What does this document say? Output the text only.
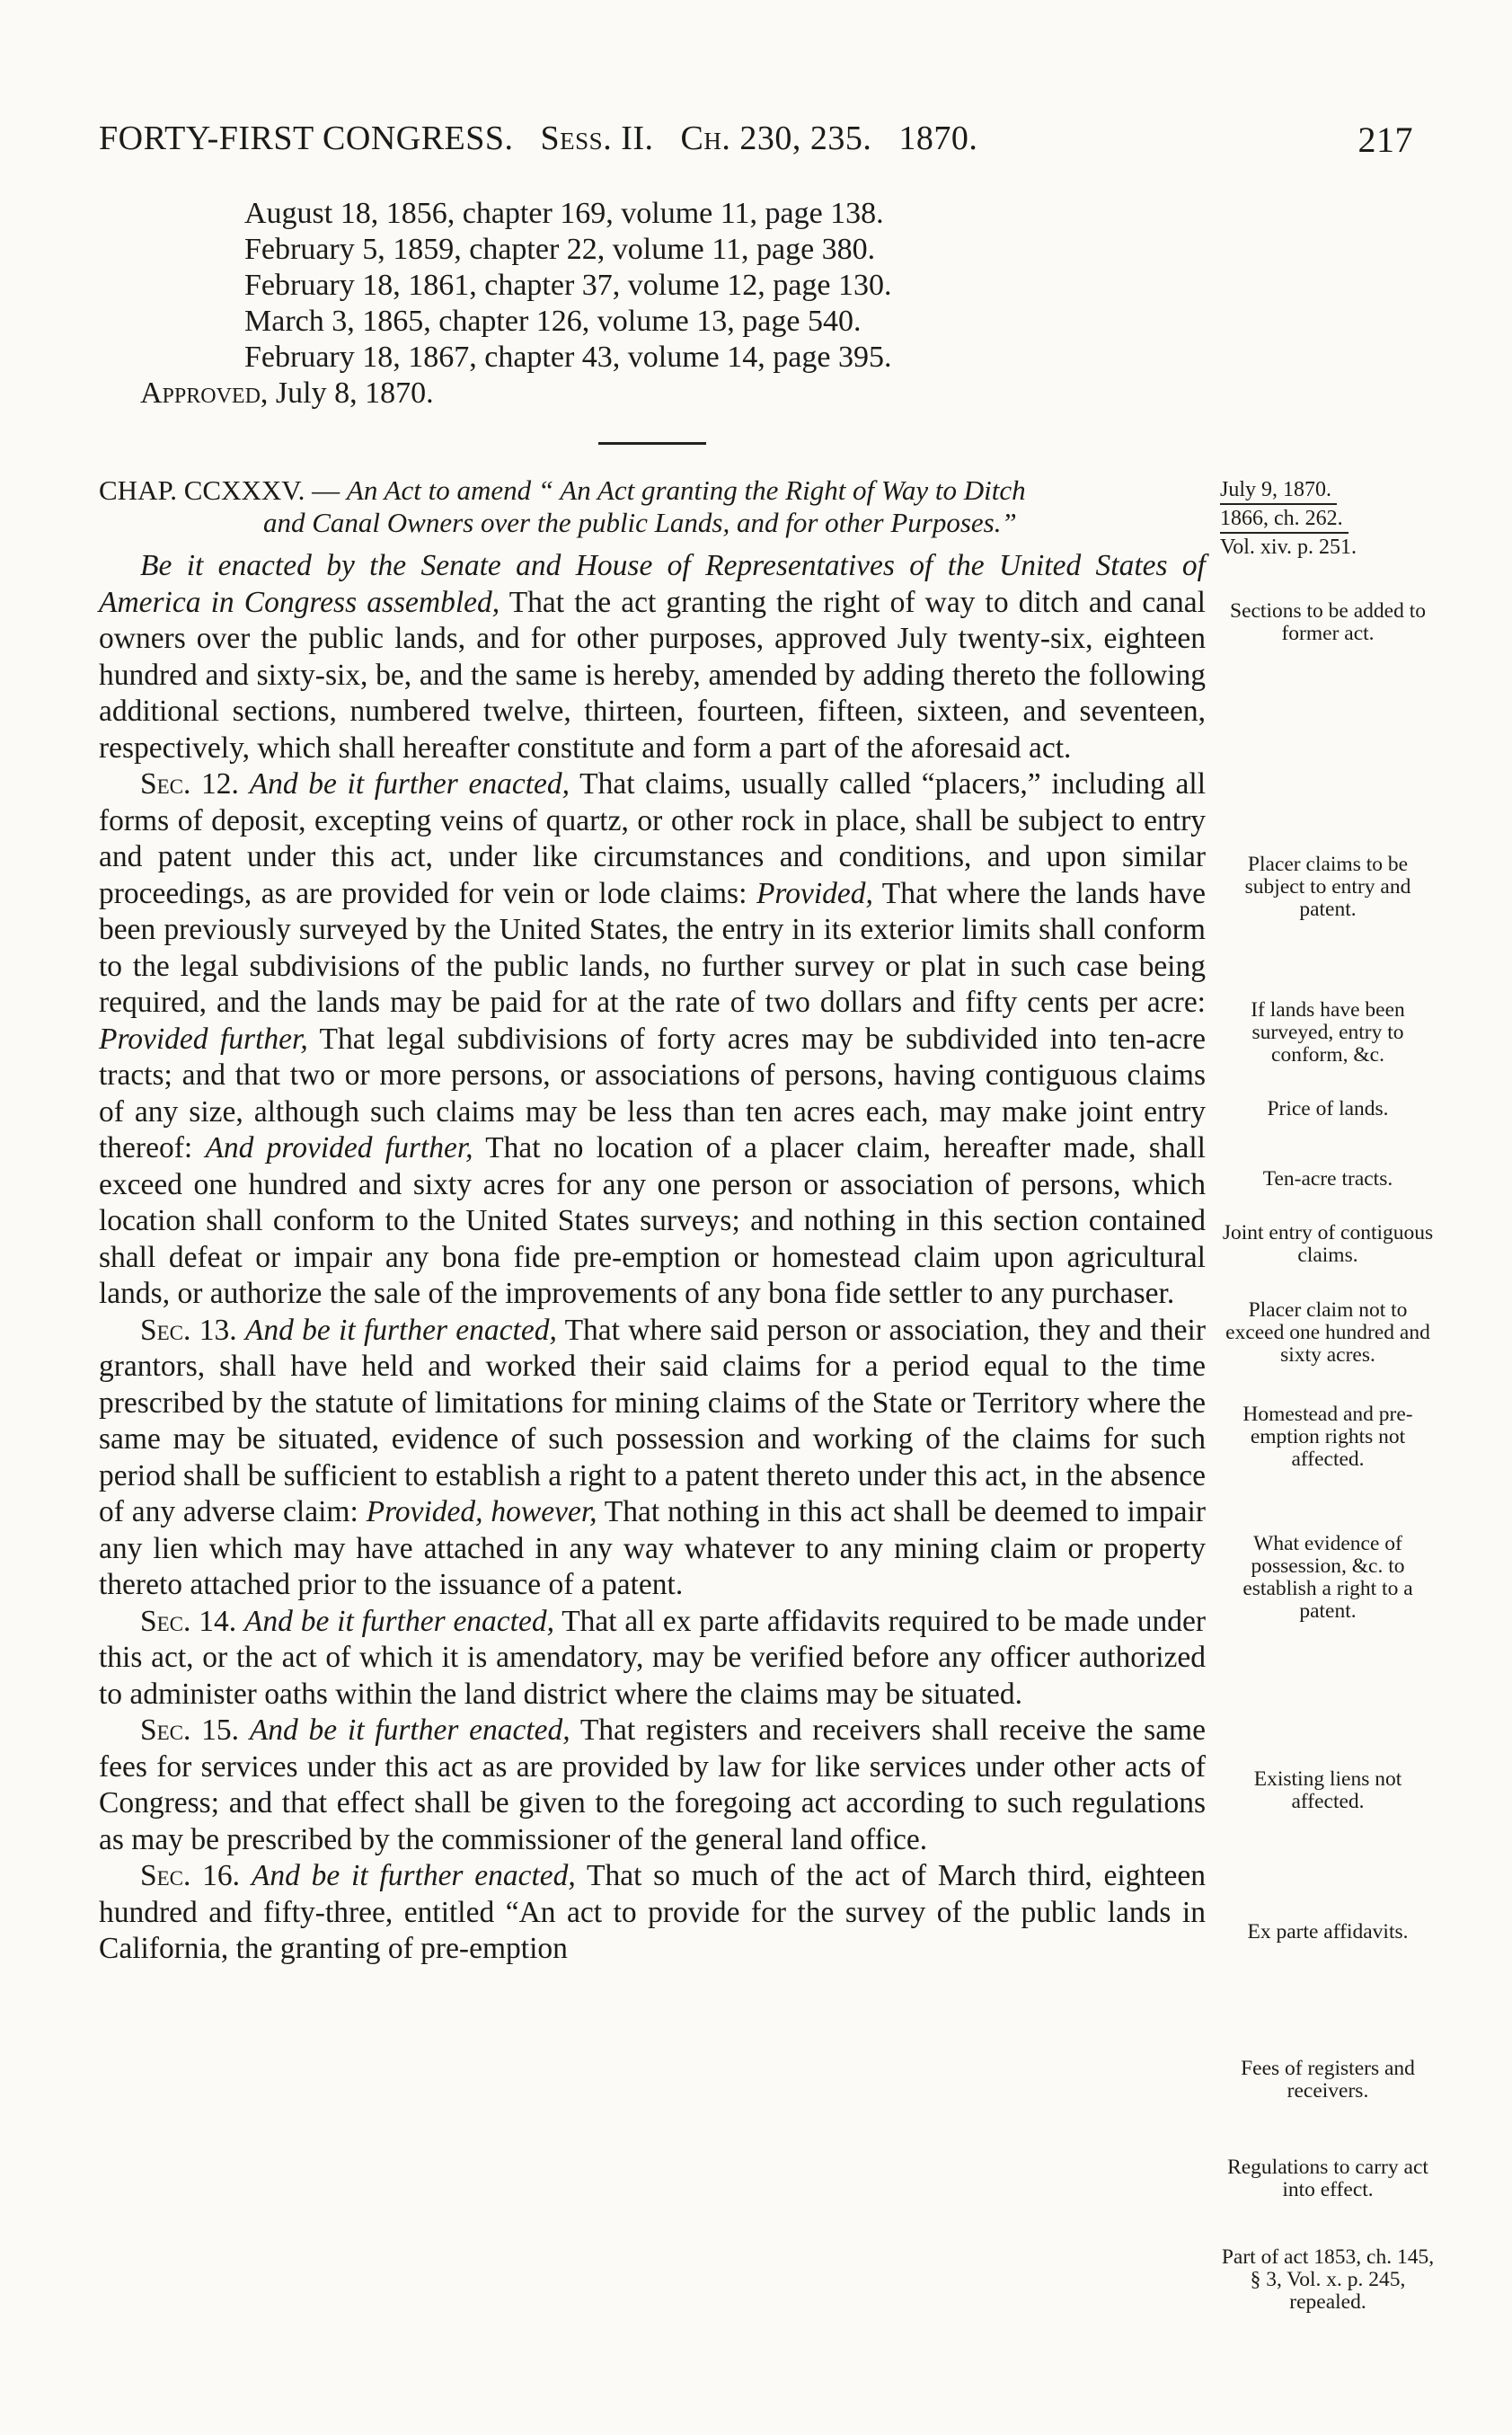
FORTY-FIRST CONGRESS. Sess. II. Ch. 230, 235. 1870.	217
August 18, 1856, chapter 169, volume 11, page 138.
February 5, 1859, chapter 22, volume 11, page 380.
February 18, 1861, chapter 37, volume 12, page 130.
March 3, 1865, chapter 126, volume 13, page 540.
February 18, 1867, chapter 43, volume 14, page 395.
Approved, July 8, 1870.
CHAP. CCXXXV. — An Act to amend “ An Act granting the Right of Way to Ditch
and Canal Owners over the public Lands, and for other Purposes.”
July 9, 1870.
1866, ch. 262.
Vol. xiv. p. 251.

Be it enacted by the Senate and House of Representatives of the United States of America in Congress assembled, That the act granting the right of way to ditch and canal owners over the public lands, and for other purposes, approved July twenty-six, eighteen hundred and sixty-six, be, and the same is hereby, amended by adding thereto the following additional sections, numbered twelve, thirteen, fourteen, fifteen, sixteen, and seventeen, respectively, which shall hereafter constitute and form a part of the aforesaid act.

Sec. 12. And be it further enacted, That claims, usually called “placers,” including all forms of deposit, excepting veins of quartz, or other rock in place, shall be subject to entry and patent under this act, under like circumstances and conditions, and upon similar proceedings, as are provided for vein or lode claims: Provided, That where the lands have been previously surveyed by the United States, the entry in its exterior limits shall conform to the legal subdivisions of the public lands, no further survey or plat in such case being required, and the lands may be paid for at the rate of two dollars and fifty cents per acre: Provided further, That legal subdivisions of forty acres may be subdivided into ten-acre tracts; and that two or more persons, or associations of persons, having contiguous claims of any size, although such claims may be less than ten acres each, may make joint entry thereof: And provided further, That no location of a placer claim, hereafter made, shall exceed one hundred and sixty acres for any one person or association of persons, which location shall conform to the United States surveys; and nothing in this section contained shall defeat or impair any bona fide pre-emption or homestead claim upon agricultural lands, or authorize the sale of the improvements of any bona fide settler to any purchaser.

Sec. 13. And be it further enacted, That where said person or association, they and their grantors, shall have held and worked their said claims for a period equal to the time prescribed by the statute of limitations for mining claims of the State or Territory where the same may be situated, evidence of such possession and working of the claims for such period shall be sufficient to establish a right to a patent thereto under this act, in the absence of any adverse claim: Provided, however, That nothing in this act shall be deemed to impair any lien which may have attached in any way whatever to any mining claim or property thereto attached prior to the issuance of a patent.

Sec. 14. And be it further enacted, That all ex parte affidavits required to be made under this act, or the act of which it is amendatory, may be verified before any officer authorized to administer oaths within the land district where the claims may be situated.

Sec. 15. And be it further enacted, That registers and receivers shall receive the same fees for services under this act as are provided by law for like services under other acts of Congress; and that effect shall be given to the foregoing act according to such regulations as may be prescribed by the commissioner of the general land office.

Sec. 16. And be it further enacted, That so much of the act of March third, eighteen hundred and fifty-three, entitled “An act to provide for the survey of the public lands in California, the granting of pre-emption

Sections to be added to former act.
Placer claims to be subject to entry and patent.
If lands have been surveyed, entry to conform, &c.
Price of lands.
Ten-acre tracts.
Joint entry of contiguous claims.
Placer claim not to exceed one hundred and sixty acres.
Homestead and pre-emption rights not affected.
What evidence of possession, &c. to establish a right to a patent.
Existing liens not affected.
Ex parte affidavits.
Fees of registers and receivers.
Regulations to carry act into effect.
Part of act 1853, ch. 145, § 3, Vol. x. p. 245, repealed.
